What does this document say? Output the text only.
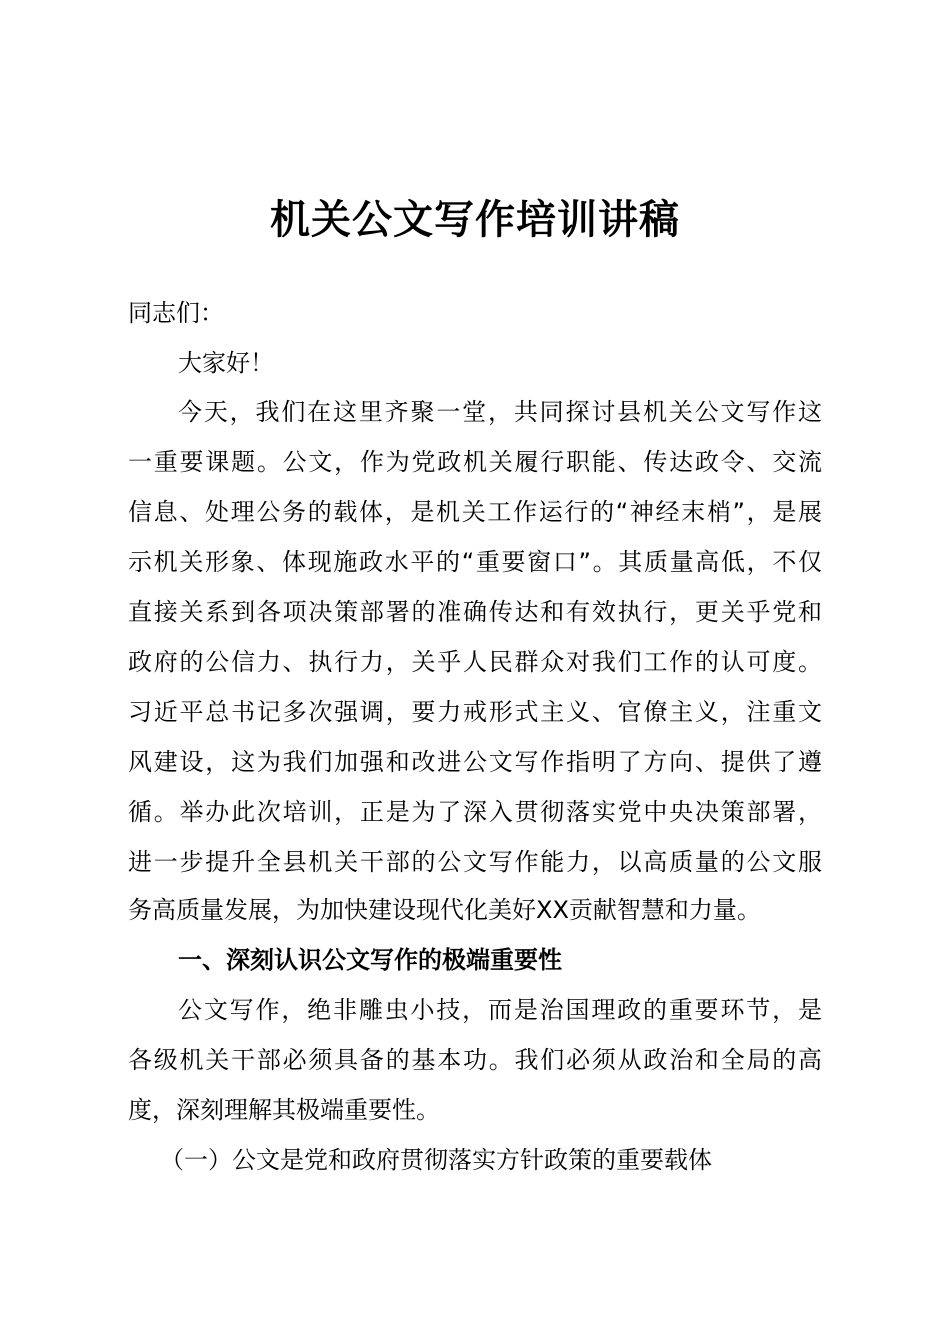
机关公文写作培训讲稿
同志们：
大家好！
今天，我们在这里齐聚一堂，共同探讨县机关公文写作这
一重要课题。公文，作为党政机关履行职能、传达政令、交流
信息、处理公务的载体，是机关工作运行的“神经末梢”，是展
示机关形象、体现施政水平的“重要窗口”。其质量高低，不仅
直接关系到各项决策部署的准确传达和有效执行，更关乎党和
政府的公信力、执行力，关乎人民群众对我们工作的认可度。
习近平总书记多次强调，要力戒形式主义、官僚主义，注重文
风建设，这为我们加强和改进公文写作指明了方向、提供了遵
循。举办此次培训，正是为了深入贯彻落实党中央决策部署，
进一步提升全县机关干部的公文写作能力，以高质量的公文服
务高质量发展，为加快建设现代化美好XX贡献智慧和力量。
一、深刻认识公文写作的极端重要性
公文写作，绝非雕虫小技，而是治国理政的重要环节，是
各级机关干部必须具备的基本功。我们必须从政治和全局的高
度，深刻理解其极端重要性。
（一）公文是党和政府贯彻落实方针政策的重要载体
